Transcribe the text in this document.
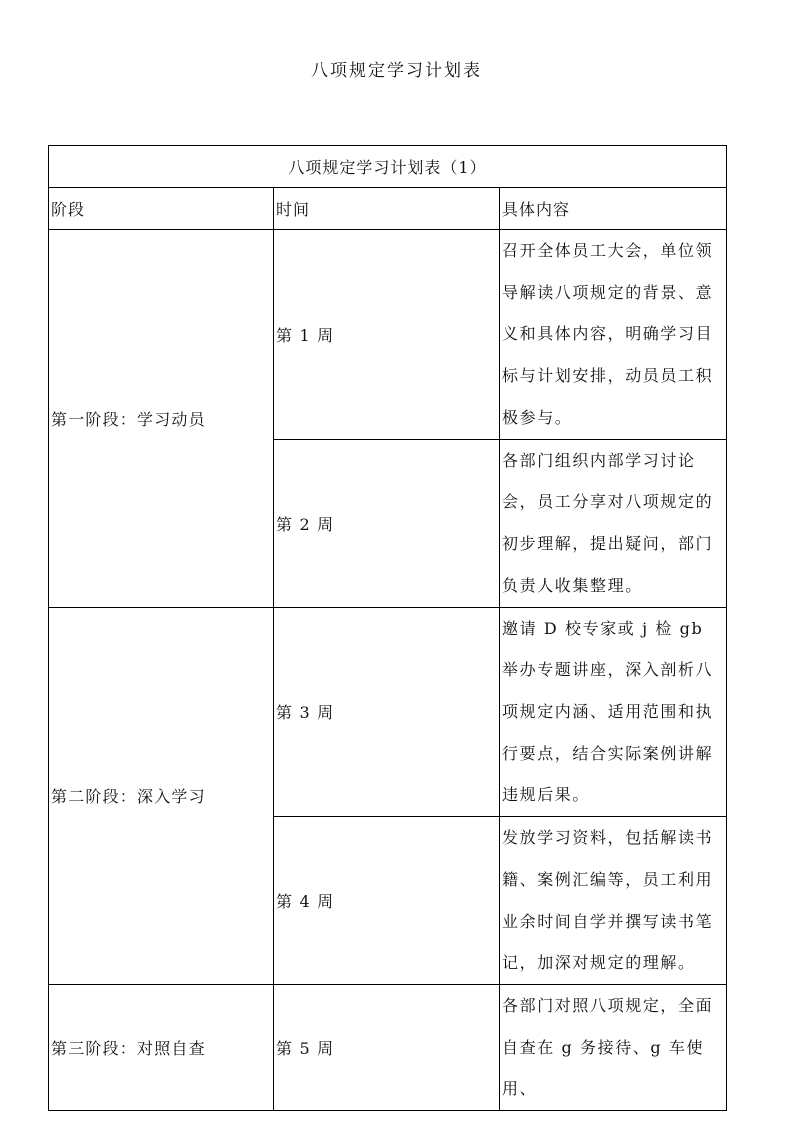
八项规定学习计划表
八项规定学习计划表（1）		
阶段	时间	具体内容
第一阶段：学习动员	第 1 周	召开全体员工大会，单位领导解读八项规定的背景、意义和具体内容，明确学习目标与计划安排，动员员工积极参与。
	第 2 周	各部门组织内部学习讨论会，员工分享对八项规定的初步理解，提出疑问，部门负责人收集整理。
第二阶段：深入学习	第 3 周	邀请 D 校专家或 j 检 gb 举办专题讲座，深入剖析八项规定内涵、适用范围和执行要点，结合实际案例讲解违规后果。
	第 4 周	发放学习资料，包括解读书籍、案例汇编等，员工利用业余时间自学并撰写读书笔记，加深对规定的理解。
第三阶段：对照自查	第 5 周	各部门对照八项规定，全面自查在 g 务接待、g 车使用、
